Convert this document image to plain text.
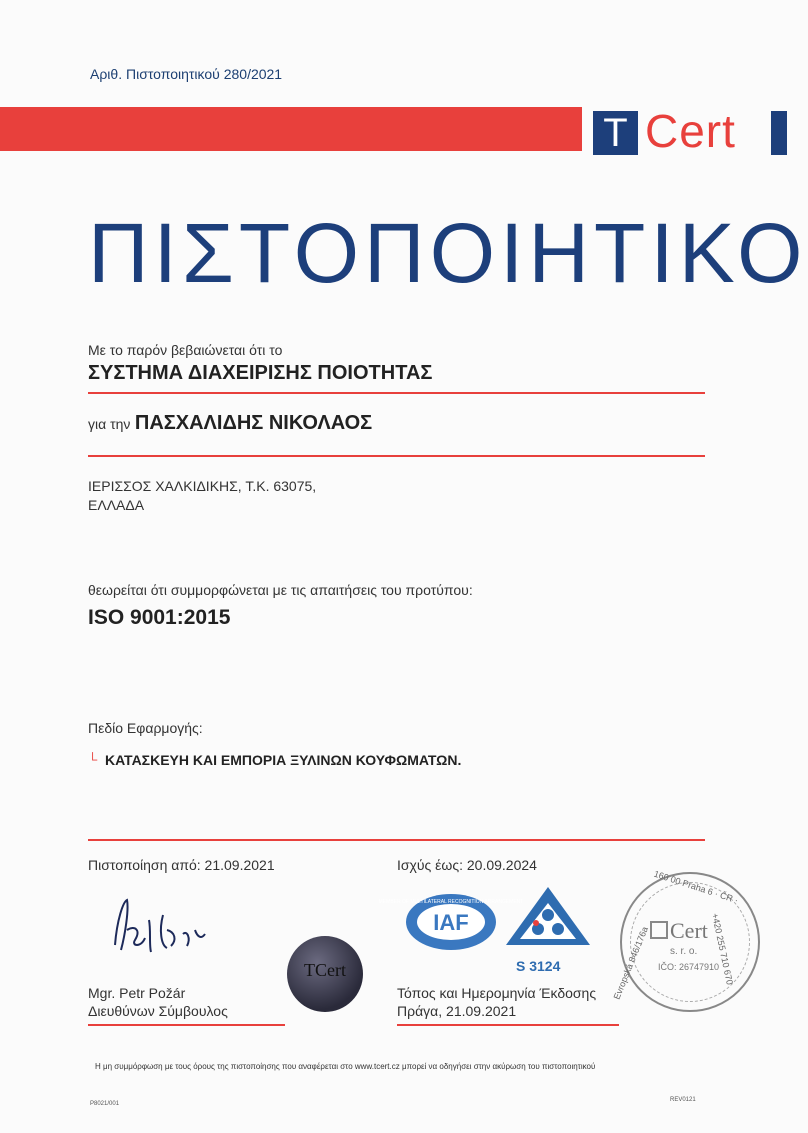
Αριθ. Πιστοποιητικού 280/2021
T Cert
ΠΙΣΤΟΠΟΙΗΤΙΚΟ
Με το παρόν βεβαιώνεται ότι το
ΣΥΣΤΗΜΑ ΔΙΑΧΕΙΡΙΣΗΣ ΠΟΙΟΤΗΤΑΣ
για την ΠΑΣΧΑΛΙΔΗΣ ΝΙΚΟΛΑΟΣ
ΙΕΡΙΣΣΟΣ ΧΑΛΚΙΔΙΚΗΣ, Τ.Κ. 63075,
ΕΛΛΑΔΑ
θεωρείται ότι συμμορφώνεται με τις απαιτήσεις του προτύπου:
ISO 9001:2015
Πεδίο Εφαρμογής:
└ ΚΑΤΑΣΚΕΥΗ ΚΑΙ ΕΜΠΟΡΙΑ ΞΥΛΙΝΩΝ ΚΟΥΦΩΜΑΤΩΝ.
Πιστοποίηση από: 21.09.2021	Ισχύς έως: 20.09.2024
Mgr. Petr Požár
Διευθύνων Σύμβουλος
TCert
IAF
MEMBER OF MULTILATERAL RECOGNITION ARRANGEMENT
S 3124
Τόπος και Ημερομηνία Έκδοσης
Πράγα, 21.09.2021
160 00 Praha 6 · ČR ·
+420 255 710 670
Evropská 846/176a Cert
s. r. o.
IČO: 26747910
Η μη συμμόρφωση με τους όρους της πιστοποίησης που αναφέρεται στο www.tcert.cz μπορεί να οδηγήσει στην ακύρωση του πιστοποιητικού
P8021/001
REV0121
